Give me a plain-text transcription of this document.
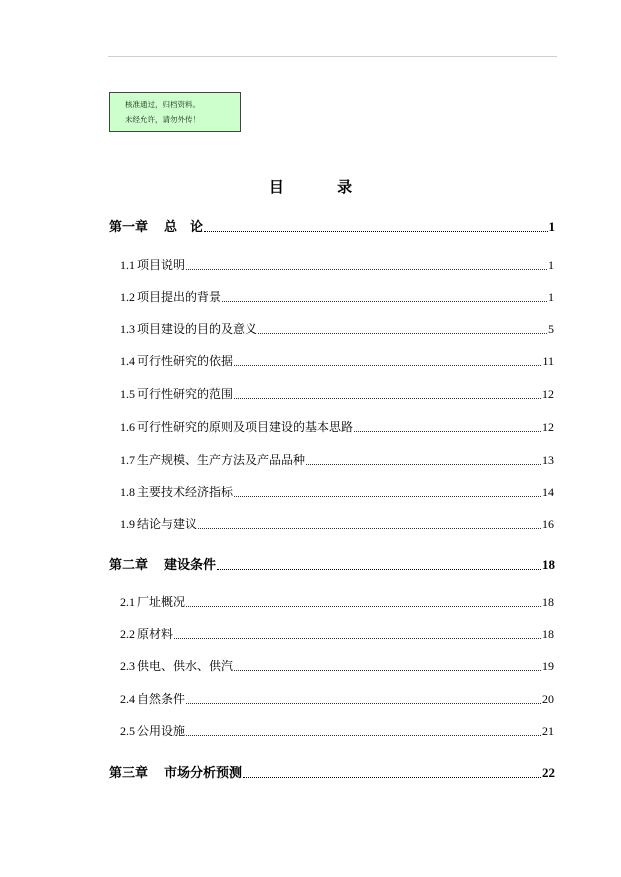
核准通过，归档资料。
未经允许，请勿外传！
目 录
第一章 总　论	1
1.1 项目说明	1
1.2 项目提出的背景	1
1.3 项目建设的目的及意义	5
1.4 可行性研究的依据	11
1.5 可行性研究的范围	12
1.6 可行性研究的原则及项目建设的基本思路	12
1.7 生产规模、生产方法及产品品种	13
1.8 主要技术经济指标	14
1.9 结论与建议	16
第二章 建设条件	18
2.1 厂址概况	18
2.2 原材料	18
2.3 供电、供水、供汽	19
2.4 自然条件	20
2.5 公用设施	21
第三章 市场分析预测	22
